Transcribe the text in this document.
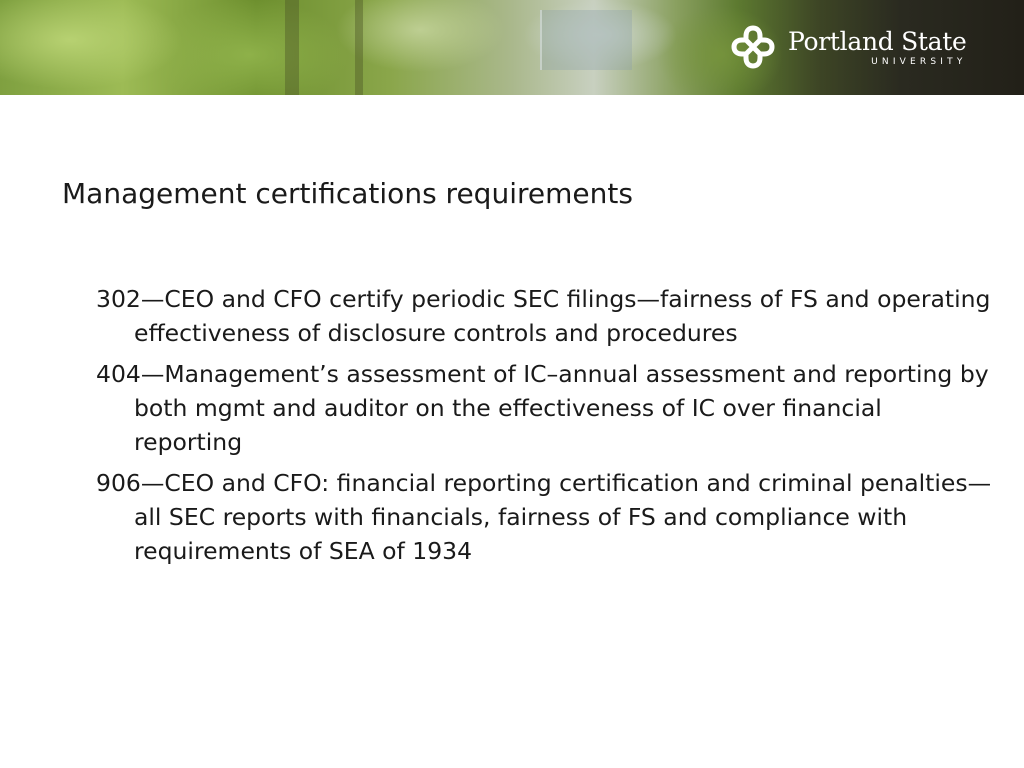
Portland State
UNIVERSITY
Management certifications requirements
302—CEO and CFO certify periodic SEC filings—fairness of FS and operating effectiveness of disclosure controls and procedures
404—Management’s assessment of IC–annual assessment and reporting by both mgmt and auditor on the effectiveness of IC over financial reporting
906—CEO and CFO: financial reporting certification and criminal penalties—all SEC reports with financials, fairness of FS and compliance with requirements of SEA of 1934
